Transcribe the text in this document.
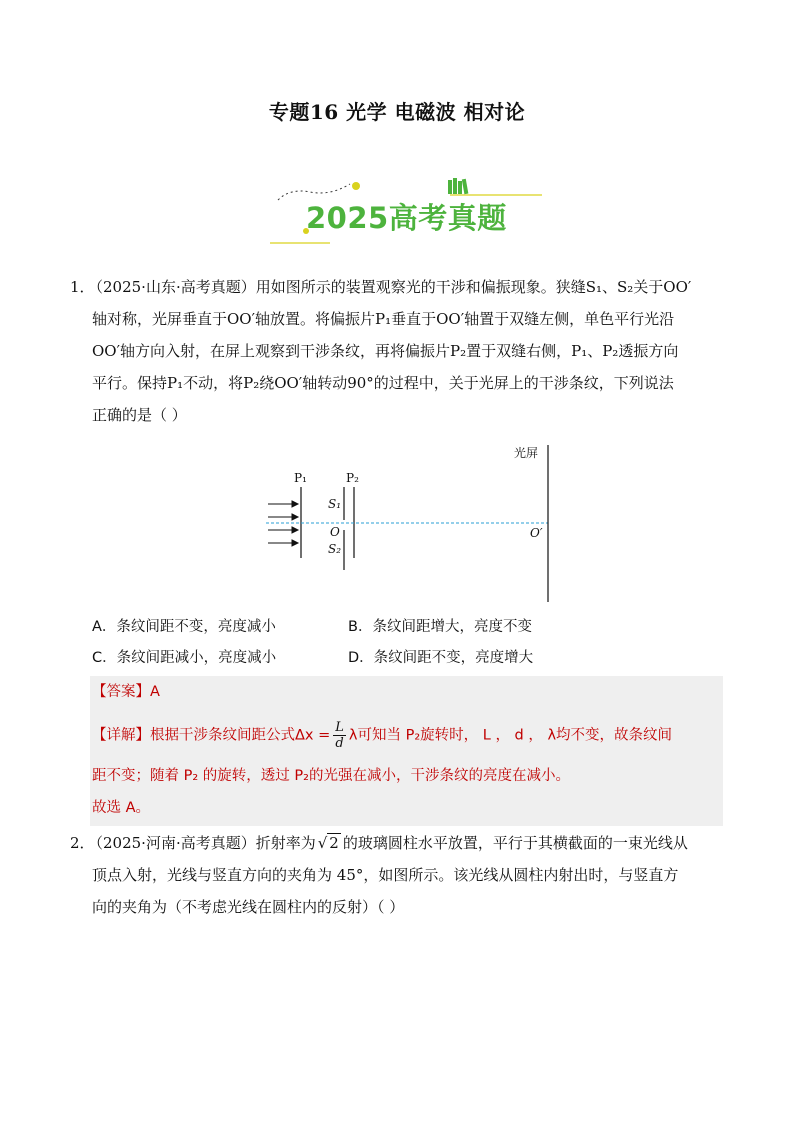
专题16 光学 电磁波 相对论
2025高考真题
1．
（2025·山东·高考真题）用如图所示的装置观察光的干涉和偏振现象。狭缝S₁、S₂关于OO′
轴对称，光屏垂直于OO′轴放置。将偏振片P₁垂直于OO′轴置于双缝左侧，单色平行光沿
OO′轴方向入射，在屏上观察到干涉条纹，再将偏振片P₂置于双缝右侧，P₁、P₂透振方向
平行。保持P₁不动，将P₂绕OO′轴转动90°的过程中，关于光屏上的干涉条纹，下列说法
正确的是（ ）
光屏
P₁	P₂
S₁
O
S₂
O′
A．条纹间距不变，亮度减小	B．条纹间距增大，亮度不变
C．条纹间距减小，亮度减小	D．条纹间距不变，亮度增大
【答案】A
【详解】根据干涉条纹间距公式$\Delta x = \frac{L}{d}$ λ可知当 P₂旋转时， L ， d ， λ均不变，故条纹间
距不变；随着 P₂ 的旋转，透过 P₂的光强在减小，干涉条纹的亮度在减小。
故选 A。
2．
（2025·河南·高考真题）折射率为 √ 2 的玻璃圆柱水平放置，平行于其横截面的一束光线从
顶点入射，光线与竖直方向的夹角为 45°，如图所示。该光线从圆柱内射出时，与竖直方
向的夹角为（不考虑光线在圆柱内的反射）（ ）
